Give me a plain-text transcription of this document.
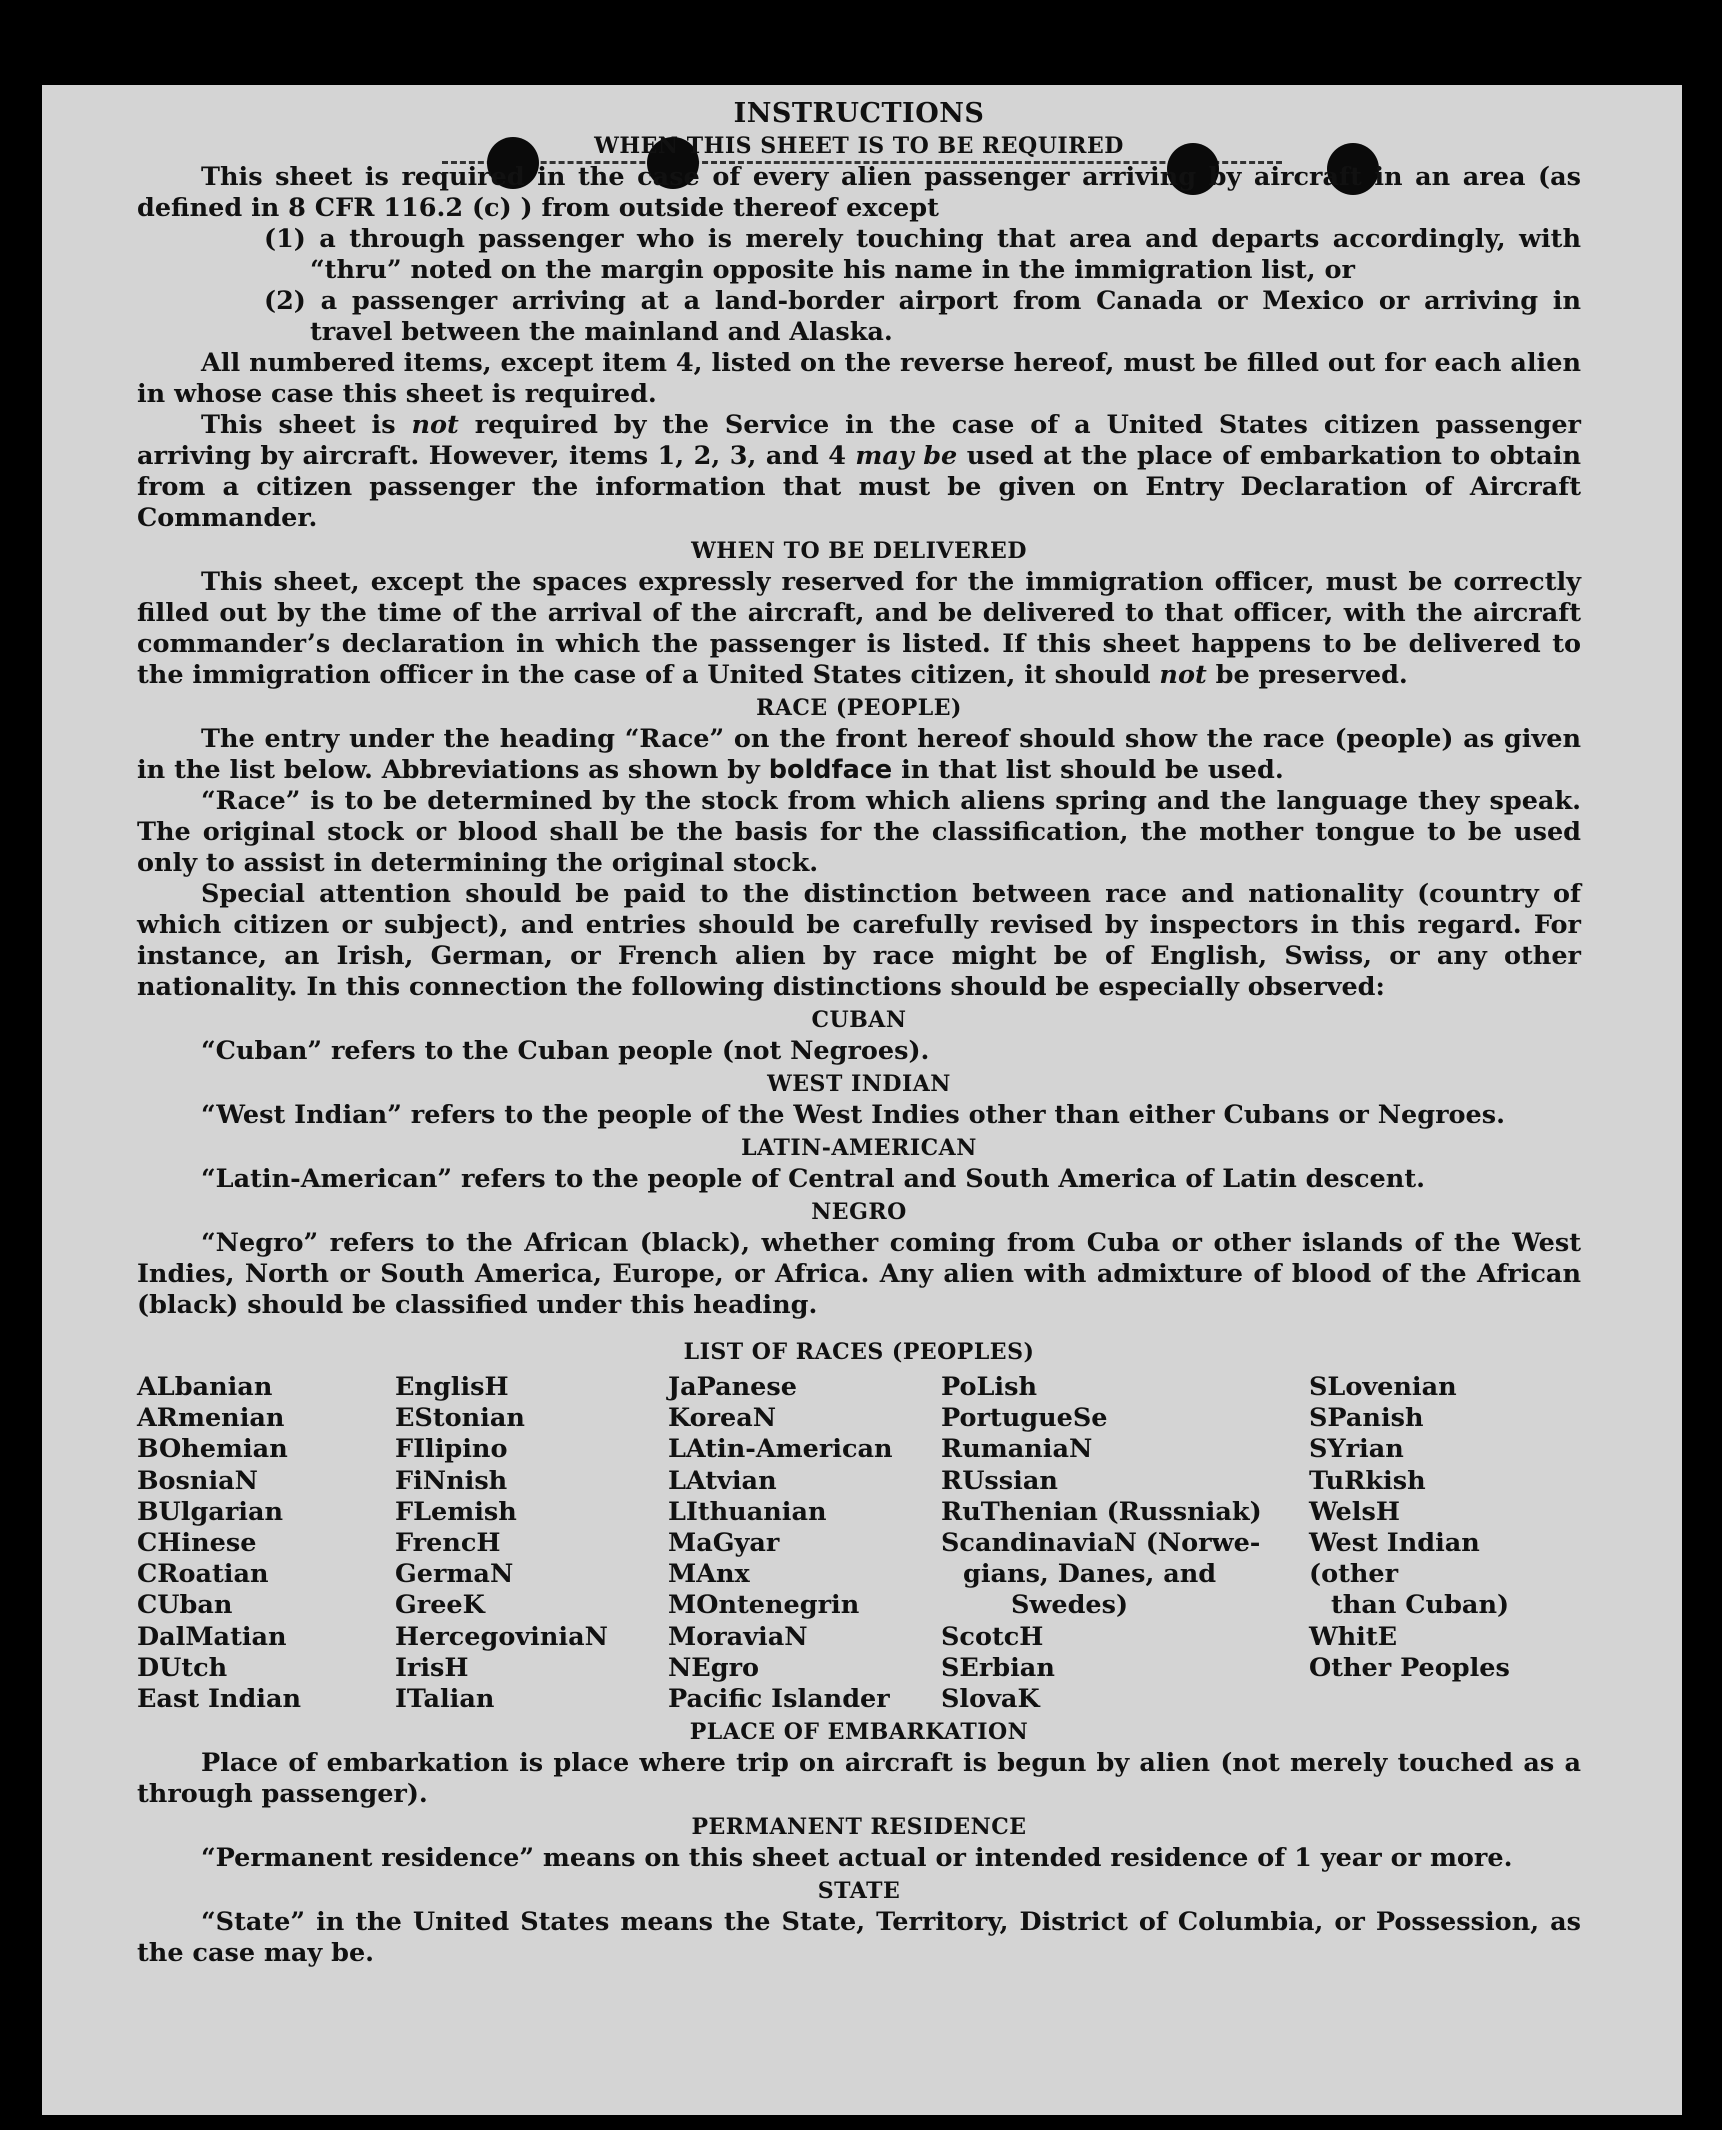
INSTRUCTIONS
WHEN THIS SHEET IS TO BE REQUIRED

This sheet is required in the case of every alien passenger arriving by aircraft in an area (as defined in 8 CFR 116.2 (c) ) from outside thereof except

(1) a through passenger who is merely touching that area and departs accordingly, with “thru” noted on the margin opposite his name in the immigration list, or

(2) a passenger arriving at a land-border airport from Canada or Mexico or arriving in travel between the mainland and Alaska.

All numbered items, except item 4, listed on the reverse hereof, must be filled out for each alien in whose case this sheet is required.

This sheet is not required by the Service in the case of a United States citizen passenger arriving by aircraft. However, items 1, 2, 3, and 4 may be used at the place of embarkation to obtain from a citizen passenger the information that must be given on Entry Declaration of Aircraft Commander.

WHEN TO BE DELIVERED

This sheet, except the spaces expressly reserved for the immigration officer, must be correctly filled out by the time of the arrival of the aircraft, and be delivered to that officer, with the aircraft commander’s declaration in which the passenger is listed. If this sheet happens to be delivered to the immigration officer in the case of a United States citizen, it should not be preserved.

RACE (PEOPLE)

The entry under the heading “Race” on the front hereof should show the race (people) as given in the list below. Abbreviations as shown by boldface in that list should be used.

“Race” is to be determined by the stock from which aliens spring and the language they speak. The original stock or blood shall be the basis for the classification, the mother tongue to be used only to assist in determining the original stock.

Special attention should be paid to the distinction between race and nationality (country of which citizen or subject), and entries should be carefully revised by inspectors in this regard. For instance, an Irish, German, or French alien by race might be of English, Swiss, or any other nationality. In this connection the following distinctions should be especially observed:

CUBAN

“Cuban” refers to the Cuban people (not Negroes).

WEST INDIAN

“West Indian” refers to the people of the West Indies other than either Cubans or Negroes.

LATIN-AMERICAN

“Latin-American” refers to the people of Central and South America of Latin descent.

NEGRO

“Negro” refers to the African (black), whether coming from Cuba or other islands of the West Indies, North or South America, Europe, or Africa. Any alien with admixture of blood of the African (black) should be classified under this heading.

LIST OF RACES (PEOPLES)
ALbanian
ARmenian
BOhemian
BosniaN
BUlgarian
CHinese
CRoatian
CUban
DalMatian
DUtch
East Indian
EnglisH
EStonian
FIlipino
FiNnish
FLemish
FrencH
GermaN
GreeK
HercegoviniaN
IrisH
ITalian
JaPanese
KoreaN
LAtin-American
LAtvian
LIthuanian
MaGyar
MAnx
MOntenegrin
MoraviaN
NEgro
Pacific Islander
PoLish
PortugueSe
RumaniaN
RUssian
RuThenian (Russniak)
ScandinaviaN (Norwe-
gians, Danes, and
Swedes)
ScotcH
SErbian
SlovaK
SLovenian
SPanish
SYrian
TuRkish
WelsH
West Indian (other
than Cuban)
WhitE
Other Peoples
PLACE OF EMBARKATION

Place of embarkation is place where trip on aircraft is begun by alien (not merely touched as a through passenger).

PERMANENT RESIDENCE

“Permanent residence” means on this sheet actual or intended residence of 1 year or more.

STATE

“State” in the United States means the State, Territory, District of Columbia, or Possession, as the case may be.
